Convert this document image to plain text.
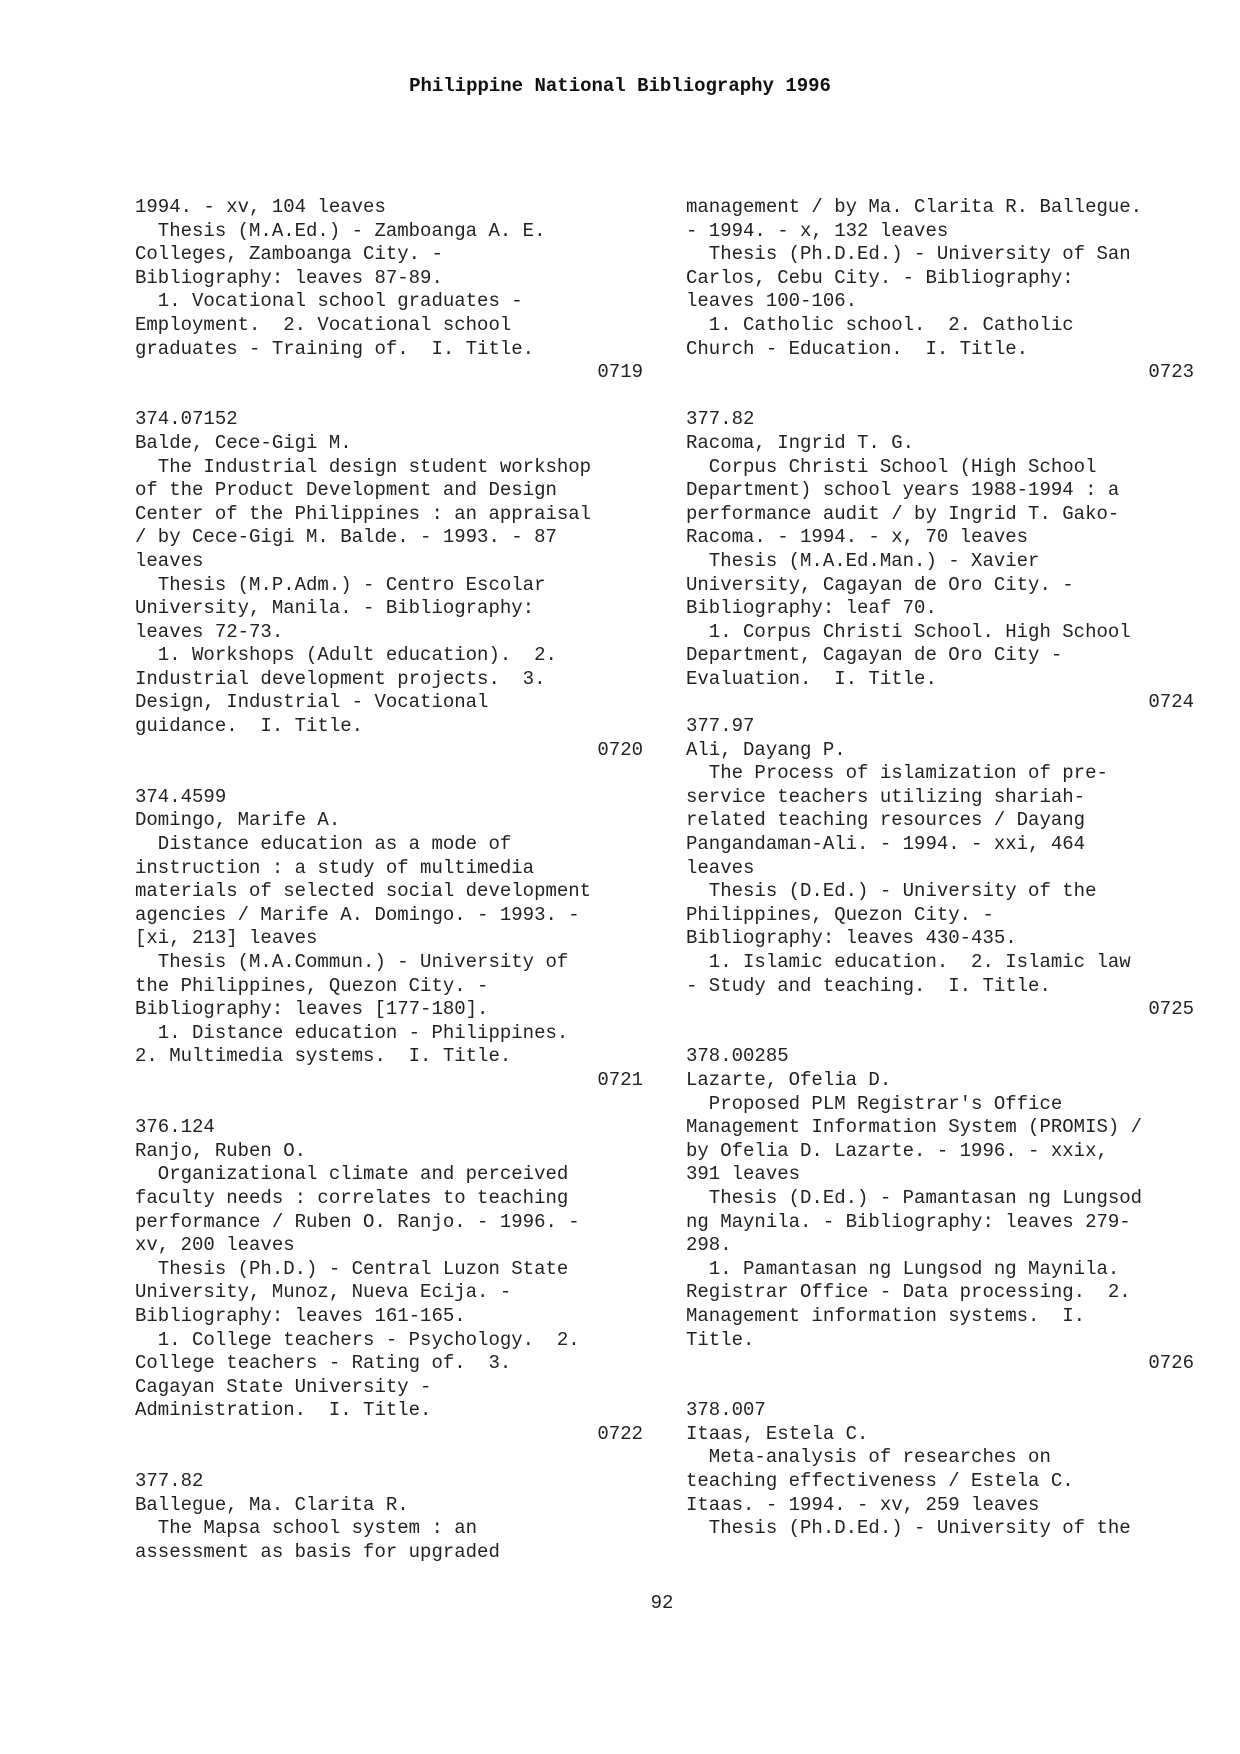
Philippine National Bibliography 1996
1994. - xv, 104 leaves
Thesis (M.A.Ed.) - Zamboanga A. E.
Colleges, Zamboanga City. -
Bibliography: leaves 87-89.
1. Vocational school graduates -
Employment.  2. Vocational school
graduates - Training of.  I. Title.
0719
374.07152
Balde, Cece-Gigi M.
The Industrial design student workshop
of the Product Development and Design
Center of the Philippines : an appraisal
/ by Cece-Gigi M. Balde. - 1993. - 87
leaves
Thesis (M.P.Adm.) - Centro Escolar
University, Manila. - Bibliography:
leaves 72-73.
1. Workshops (Adult education).  2.
Industrial development projects.  3.
Design, Industrial - Vocational
guidance.  I. Title.
0720
374.4599
Domingo, Marife A.
Distance education as a mode of
instruction : a study of multimedia
materials of selected social development
agencies / Marife A. Domingo. - 1993. -
[xi, 213] leaves
Thesis (M.A.Commun.) - University of
the Philippines, Quezon City. -
Bibliography: leaves [177-180].
1. Distance education - Philippines.
2. Multimedia systems.  I. Title.
0721
376.124
Ranjo, Ruben O.
Organizational climate and perceived
faculty needs : correlates to teaching
performance / Ruben O. Ranjo. - 1996. -
xv, 200 leaves
Thesis (Ph.D.) - Central Luzon State
University, Munoz, Nueva Ecija. -
Bibliography: leaves 161-165.
1. College teachers - Psychology.  2.
College teachers - Rating of.  3.
Cagayan State University -
Administration.  I. Title.
0722
377.82
Ballegue, Ma. Clarita R.
The Mapsa school system : an
assessment as basis for upgraded
management / by Ma. Clarita R. Ballegue.
- 1994. - x, 132 leaves
Thesis (Ph.D.Ed.) - University of San
Carlos, Cebu City. - Bibliography:
leaves 100-106.
1. Catholic school.  2. Catholic
Church - Education.  I. Title.
0723
377.82
Racoma, Ingrid T. G.
Corpus Christi School (High School
Department) school years 1988-1994 : a
performance audit / by Ingrid T. Gako-
Racoma. - 1994. - x, 70 leaves
Thesis (M.A.Ed.Man.) - Xavier
University, Cagayan de Oro City. -
Bibliography: leaf 70.
1. Corpus Christi School. High School
Department, Cagayan de Oro City -
Evaluation.  I. Title.
0724
377.97
Ali, Dayang P.
The Process of islamization of pre-
service teachers utilizing shariah-
related teaching resources / Dayang
Pangandaman-Ali. - 1994. - xxi, 464
leaves
Thesis (D.Ed.) - University of the
Philippines, Quezon City. -
Bibliography: leaves 430-435.
1. Islamic education.  2. Islamic law
- Study and teaching.  I. Title.
0725
378.00285
Lazarte, Ofelia D.
Proposed PLM Registrar's Office
Management Information System (PROMIS) /
by Ofelia D. Lazarte. - 1996. - xxix,
391 leaves
Thesis (D.Ed.) - Pamantasan ng Lungsod
ng Maynila. - Bibliography: leaves 279-
298.
1. Pamantasan ng Lungsod ng Maynila.
Registrar Office - Data processing.  2.
Management information systems.  I.
Title.
0726
378.007
Itaas, Estela C.
Meta-analysis of researches on
teaching effectiveness / Estela C.
Itaas. - 1994. - xv, 259 leaves
Thesis (Ph.D.Ed.) - University of the
92
